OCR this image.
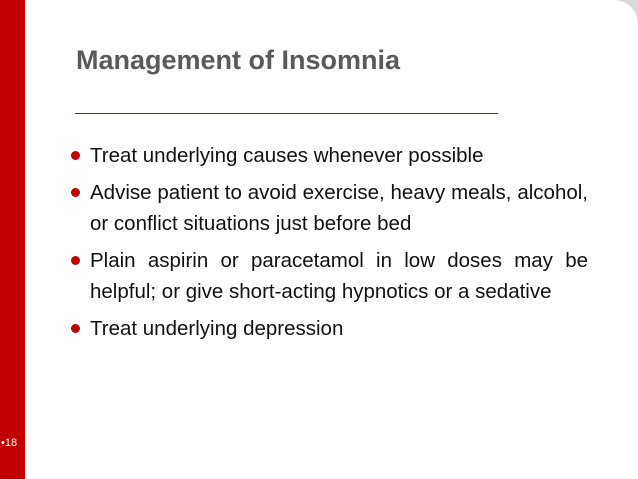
•18
Management of Insomnia
Treat underlying causes whenever possible
Advise patient to avoid exercise, heavy meals, alcohol, or conflict situations just before bed
Plain aspirin or paracetamol in low doses may be helpful; or give short-acting hypnotics or a sedative
Treat underlying depression
